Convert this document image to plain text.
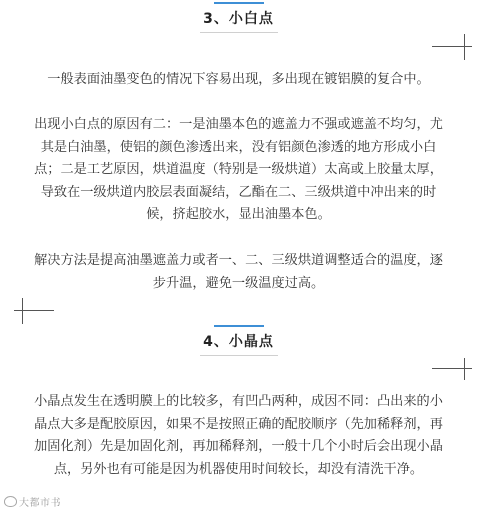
3、小白点

一般表面油墨变色的情况下容易出现，多出现在镀铝膜的复合中。

出现小白点的原因有二：一是油墨本色的遮盖力不强或遮盖不均匀，尤其是白油墨，使铝的颜色渗透出来，没有铝颜色渗透的地方形成小白点；二是工艺原因，烘道温度（特别是一级烘道）太高或上胶量太厚，导致在一级烘道内胶层表面凝结，乙酯在二、三级烘道中冲出来的时候，挤起胶水，显出油墨本色。

解决方法是提高油墨遮盖力或者一、二、三级烘道调整适合的温度，逐步升温，避免一级温度过高。

4、小晶点

小晶点发生在透明膜上的比较多，有凹凸两种，成因不同：凸出来的小晶点大多是配胶原因，如果不是按照正确的配胶顺序（先加稀释剂，再加固化剂）先是加固化剂，再加稀释剂，一般十几个小时后会出现小晶点，另外也有可能是因为机器使用时间较长，却没有清洗干净。

大都市书
